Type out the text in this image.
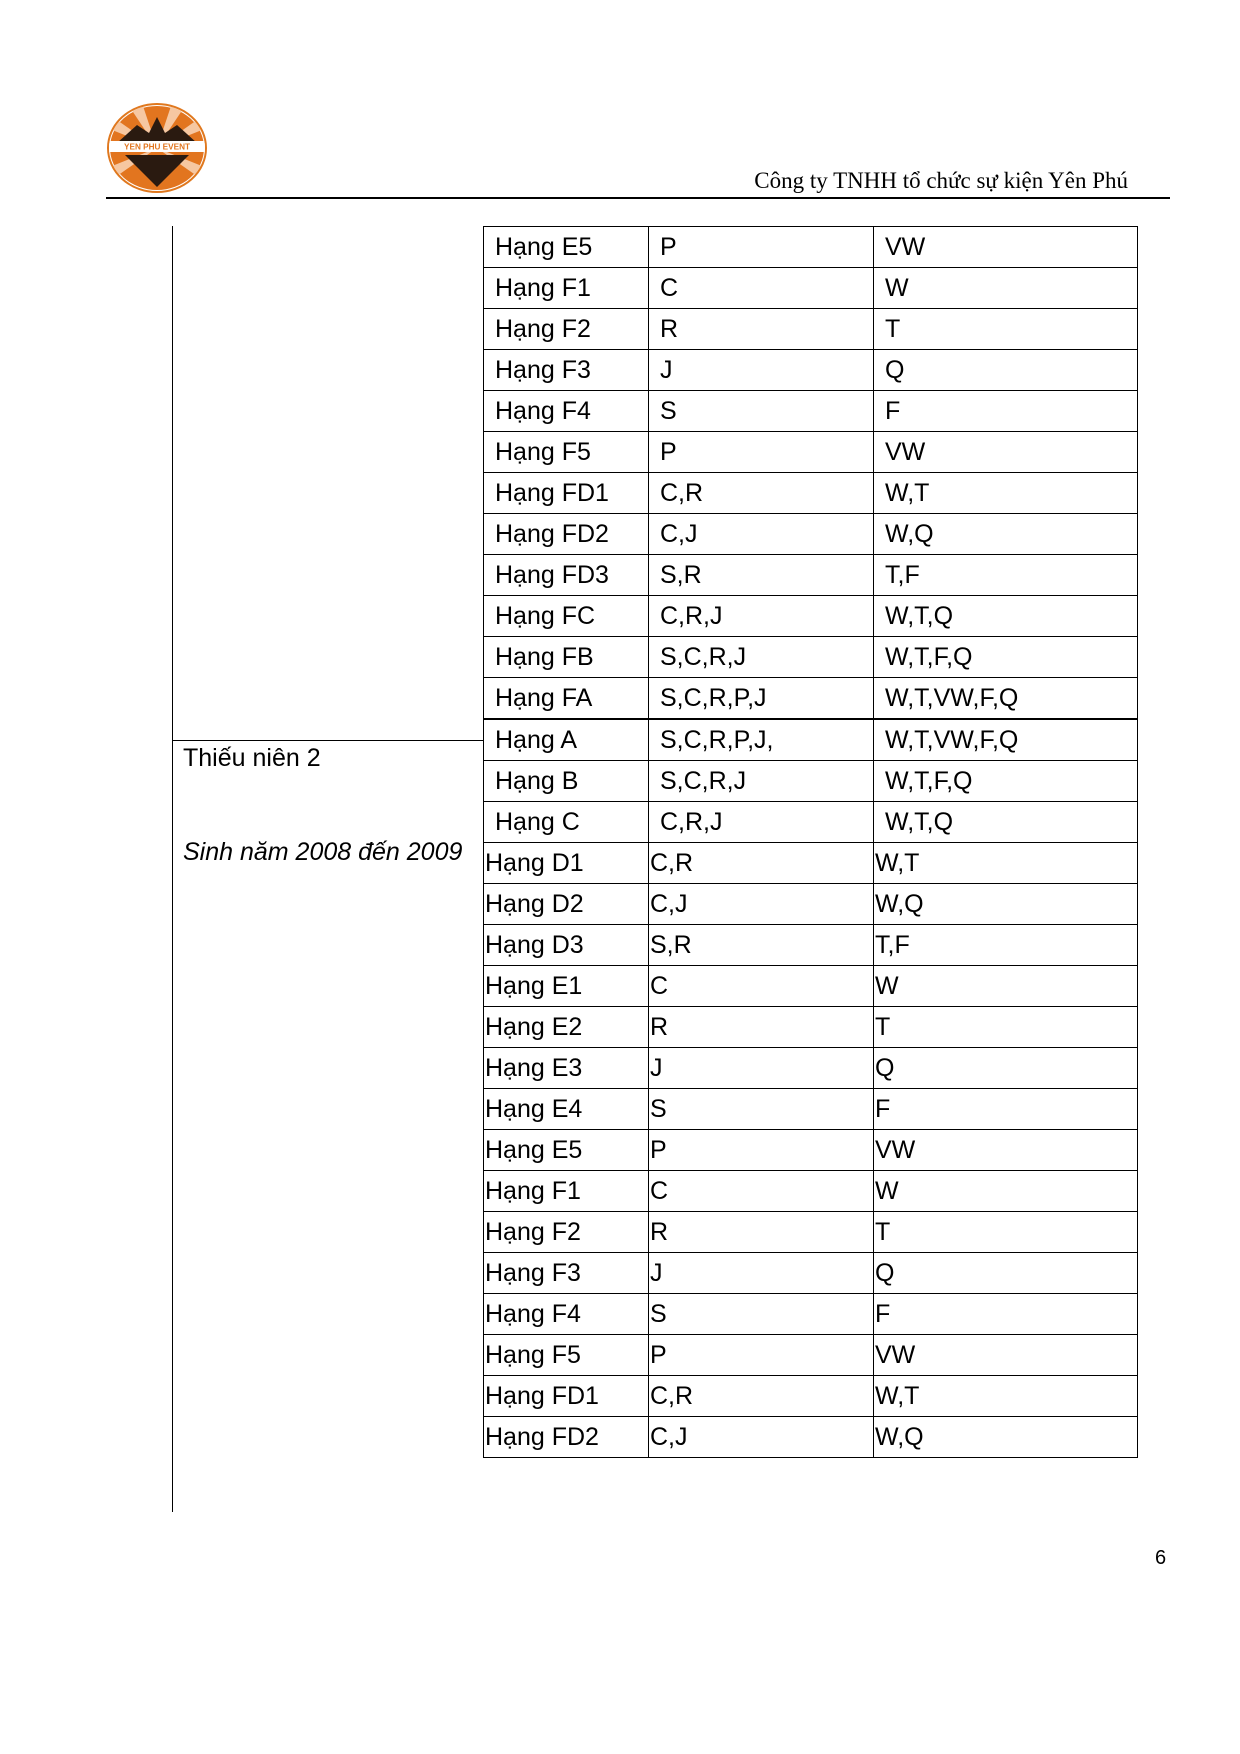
YEN PHU EVENT
Công ty TNHH tổ chức sự kiện Yên Phú
Thiếu niên 2
Sinh năm 2008 đến 2009
Hạng E5	P	VW
Hạng F1	C	W
Hạng F2	R	T
Hạng F3	J	Q
Hạng F4	S	F
Hạng F5	P	VW
Hạng FD1	C,R	W,T
Hạng FD2	C,J	W,Q
Hạng FD3	S,R	T,F
Hạng FC	C,R,J	W,T,Q
Hạng FB	S,C,R,J	W,T,F,Q
Hạng FA	S,C,R,P,J	W,T,VW,F,Q
Hạng A	S,C,R,P,J,	W,T,VW,F,Q
Hạng B	S,C,R,J	W,T,F,Q
Hạng C	C,R,J	W,T,Q
Hạng D1	C,R	W,T
Hạng D2	C,J	W,Q
Hạng D3	S,R	T,F
Hạng E1	C	W
Hạng E2	R	T
Hạng E3	J	Q
Hạng E4	S	F
Hạng E5	P	VW
Hạng F1	C	W
Hạng F2	R	T
Hạng F3	J	Q
Hạng F4	S	F
Hạng F5	P	VW
Hạng FD1	C,R	W,T
Hạng FD2	C,J	W,Q
6
